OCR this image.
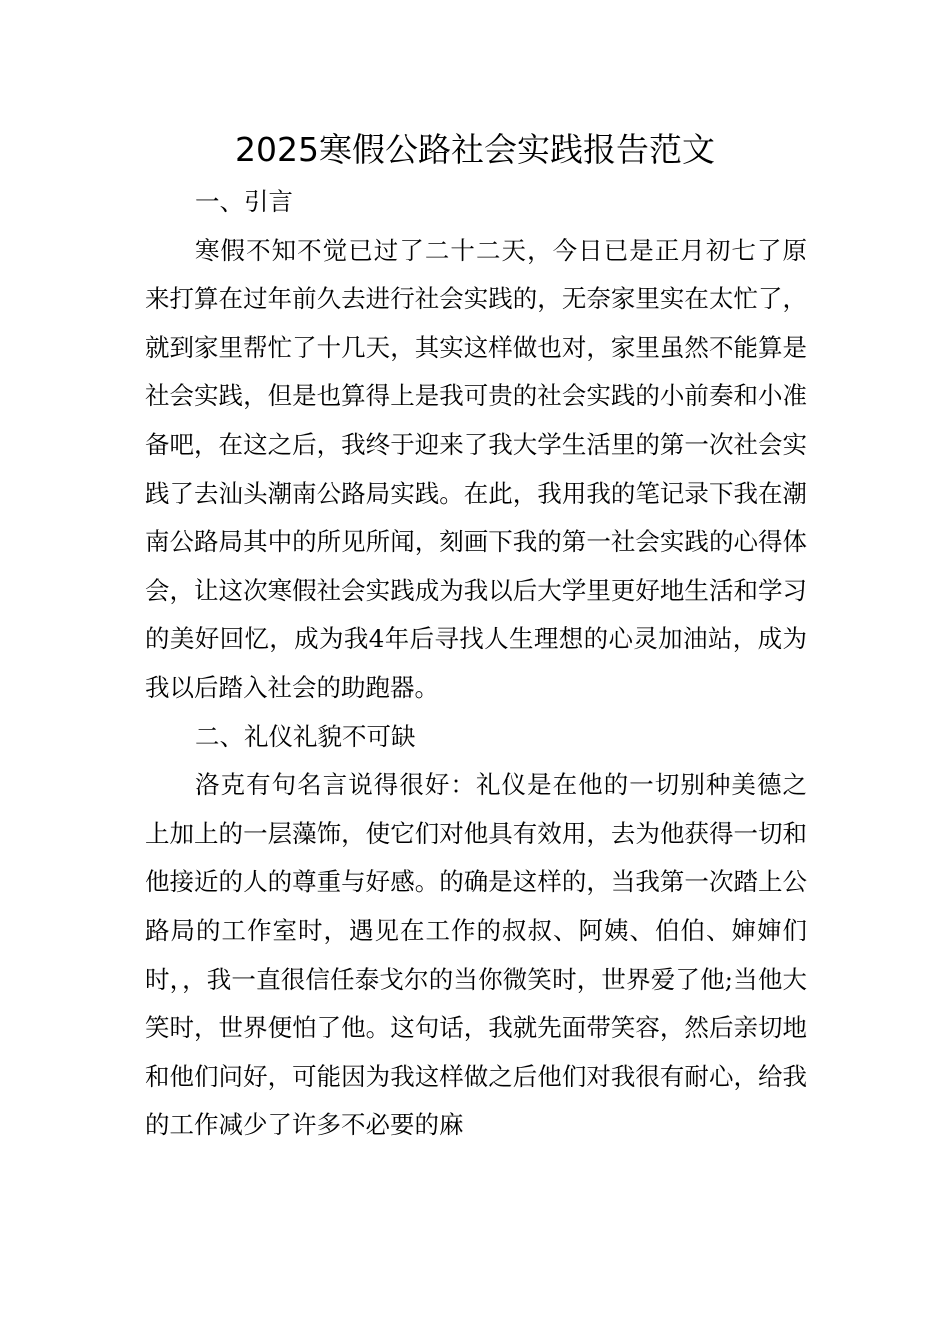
2025寒假公路社会实践报告范文

一、引言

寒假不知不觉已过了二十二天，今日已是正月初七了原来打算在过年前久去进行社会实践的，无奈家里实在太忙了，就到家里帮忙了十几天，其实这样做也对，家里虽然不能算是社会实践，但是也算得上是我可贵的社会实践的小前奏和小准备吧，在这之后，我终于迎来了我大学生活里的第一次社会实践了去汕头潮南公路局实践。在此，我用我的笔记录下我在潮南公路局其中的所见所闻，刻画下我的第一社会实践的心得体会，让这次寒假社会实践成为我以后大学里更好地生活和学习的美好回忆，成为我4年后寻找人生理想的心灵加油站，成为我以后踏入社会的助跑器。

二、礼仪礼貌不可缺

洛克有句名言说得很好：礼仪是在他的一切别种美德之上加上的一层藻饰，使它们对他具有效用，去为他获得一切和他接近的人的尊重与好感。的确是这样的，当我第一次踏上公路局的工作室时，遇见在工作的叔叔、阿姨、伯伯、婶婶们时，，我一直很信任泰戈尔的当你微笑时，世界爱了他;当他大笑时，世界便怕了他。这句话，我就先面带笑容，然后亲切地和他们问好，可能因为我这样做之后他们对我很有耐心，给我的工作减少了许多不必要的麻
